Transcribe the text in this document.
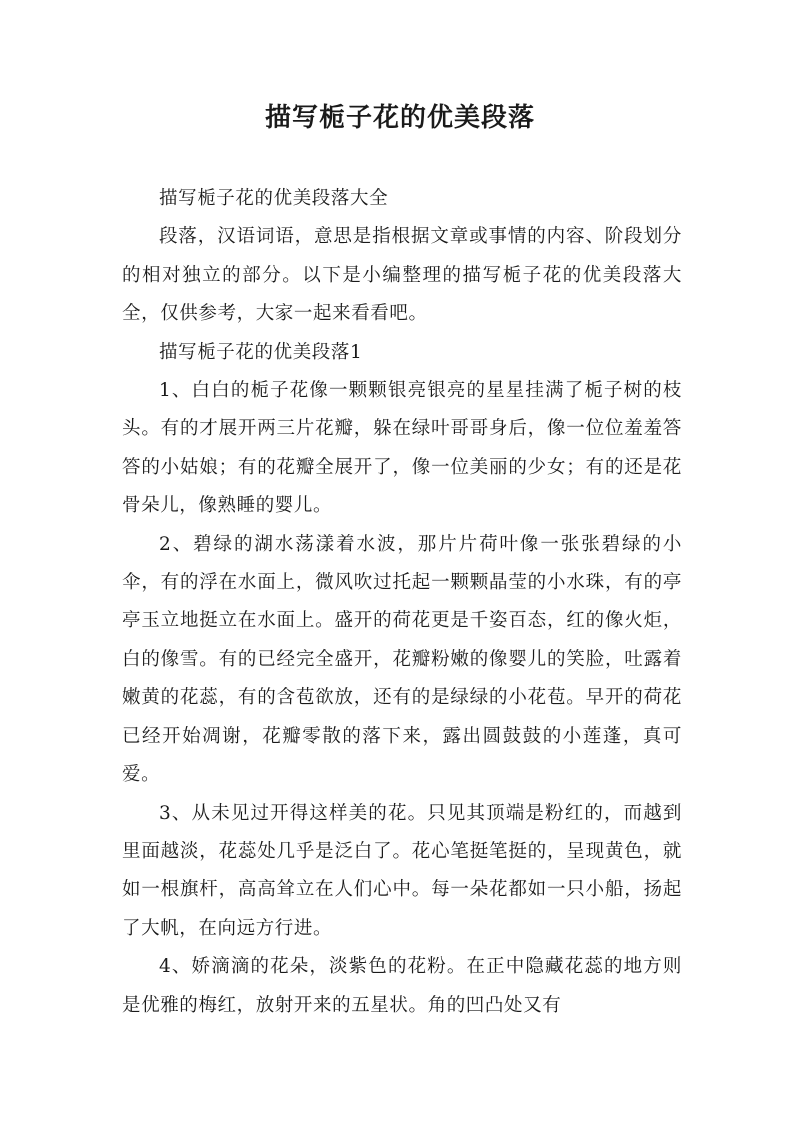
描写栀子花的优美段落

描写栀子花的优美段落大全

段落，汉语词语，意思是指根据文章或事情的内容、阶段划分的相对独立的部分。以下是小编整理的描写栀子花的优美段落大全，仅供参考，大家一起来看看吧。

描写栀子花的优美段落1

1、白白的栀子花像一颗颗银亮银亮的星星挂满了栀子树的枝头。有的才展开两三片花瓣，躲在绿叶哥哥身后，像一位位羞羞答答的小姑娘；有的花瓣全展开了，像一位美丽的少女；有的还是花骨朵儿，像熟睡的婴儿。

2、碧绿的湖水荡漾着水波，那片片荷叶像一张张碧绿的小伞，有的浮在水面上，微风吹过托起一颗颗晶莹的小水珠，有的亭亭玉立地挺立在水面上。盛开的荷花更是千姿百态，红的像火炬，白的像雪。有的已经完全盛开，花瓣粉嫩的像婴儿的笑脸，吐露着嫩黄的花蕊，有的含苞欲放，还有的是绿绿的小花苞。早开的荷花已经开始凋谢，花瓣零散的落下来，露出圆鼓鼓的小莲蓬，真可爱。

3、从未见过开得这样美的花。只见其顶端是粉红的，而越到里面越淡，花蕊处几乎是泛白了。花心笔挺笔挺的，呈现黄色，就如一根旗杆，高高耸立在人们心中。每一朵花都如一只小船，扬起了大帆，在向远方行进。

4、娇滴滴的花朵，淡紫色的花粉。在正中隐藏花蕊的地方则是优雅的梅红，放射开来的五星状。角的凹凸处又有
